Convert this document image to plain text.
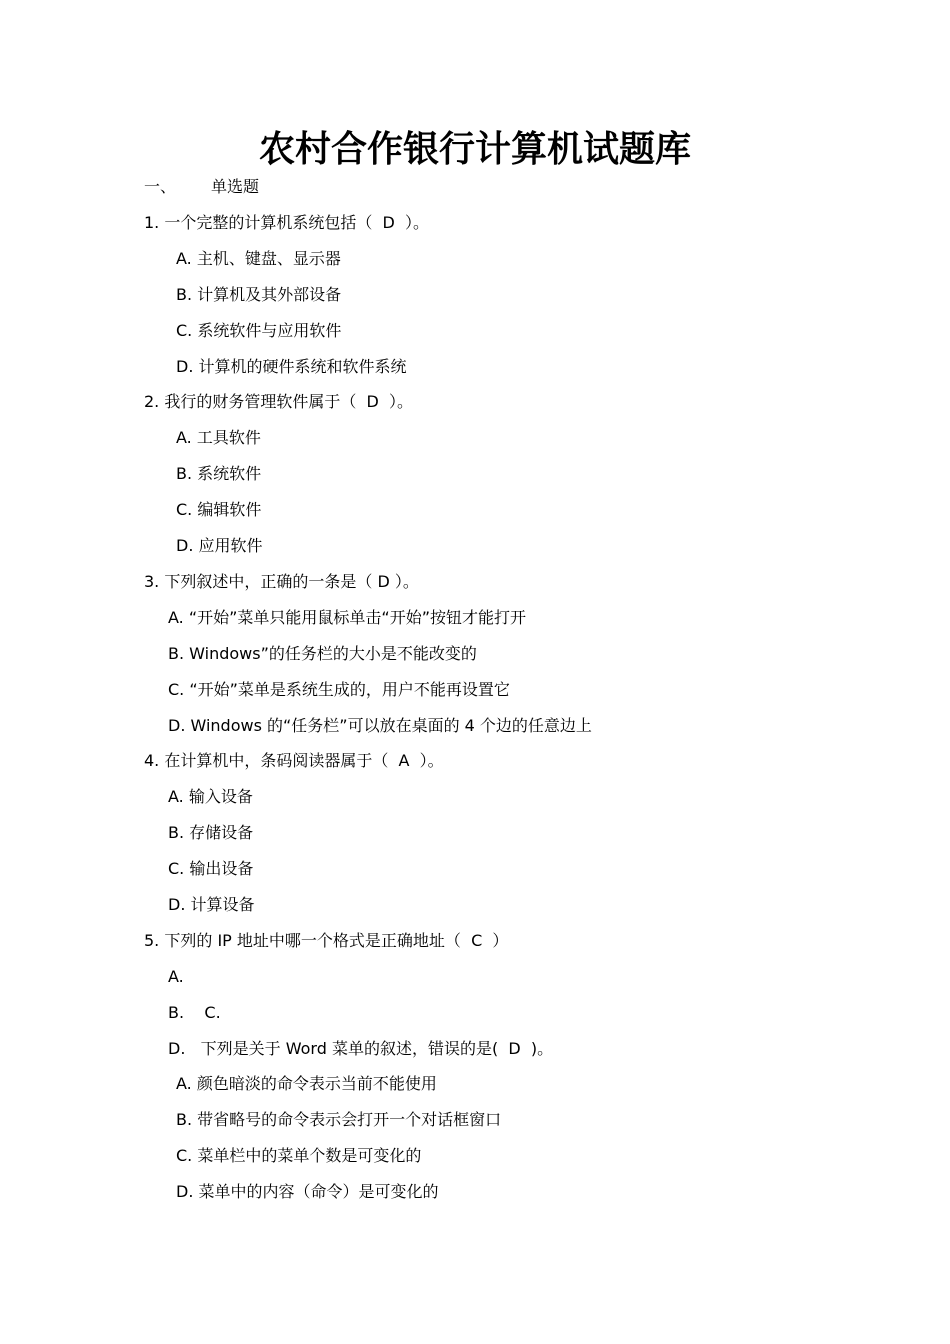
农村合作银行计算机试题库
一、 单选题
1. 一个完整的计算机系统包括（  D  ）。
A. 主机、键盘、显示器
B. 计算机及其外部设备
C. 系统软件与应用软件
D. 计算机的硬件系统和软件系统
2. 我行的财务管理软件属于（  D  ）。
A. 工具软件
B. 系统软件
C. 编辑软件
D. 应用软件
3. 下列叙述中，正确的一条是（ D ）。
A. “开始”菜单只能用鼠标单击“开始”按钮才能打开
B. Windows”的任务栏的大小是不能改变的
C. “开始”菜单是系统生成的，用户不能再设置它
D. Windows 的“任务栏”可以放在桌面的 4 个边的任意边上
4. 在计算机中，条码阅读器属于（  A  ）。
A. 输入设备
B. 存储设备
C. 输出设备
D. 计算设备
5. 下列的 IP 地址中哪一个格式是正确地址（  C  ）
A.
B.    C.
D.   下列是关于 Word 菜单的叙述，错误的是(  D  )。
A. 颜色暗淡的命令表示当前不能使用
B. 带省略号的命令表示会打开一个对话框窗口
C. 菜单栏中的菜单个数是可变化的
D. 菜单中的内容（命令）是可变化的
